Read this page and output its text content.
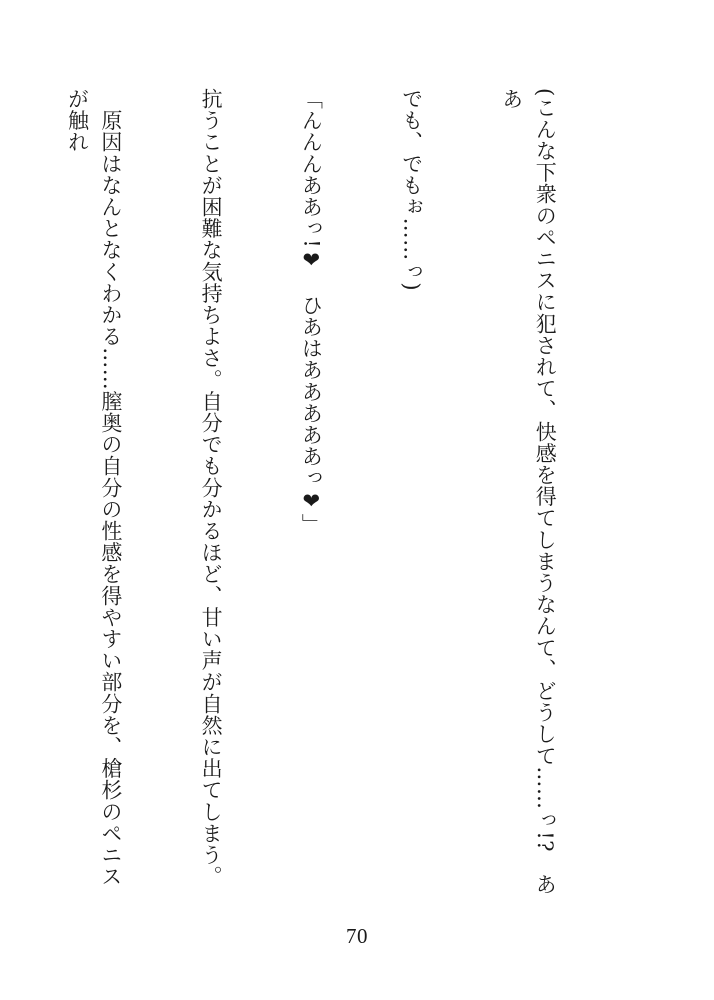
(こんな下衆のペニスに犯されて、快感を得てしまうなんて、どうして……っ!?　ああ

でも、でもぉ……っ)

「んんんああっ!❤　ひあはあああああっ❤」

抗うことが困難な気持ちよさ。自分でも分かるほど、甘い声が自然に出てしまう。

　原因はなんとなくわかる……膣奥の自分の性感を得やすい部分を、槍杉のペニスが触れ

70
